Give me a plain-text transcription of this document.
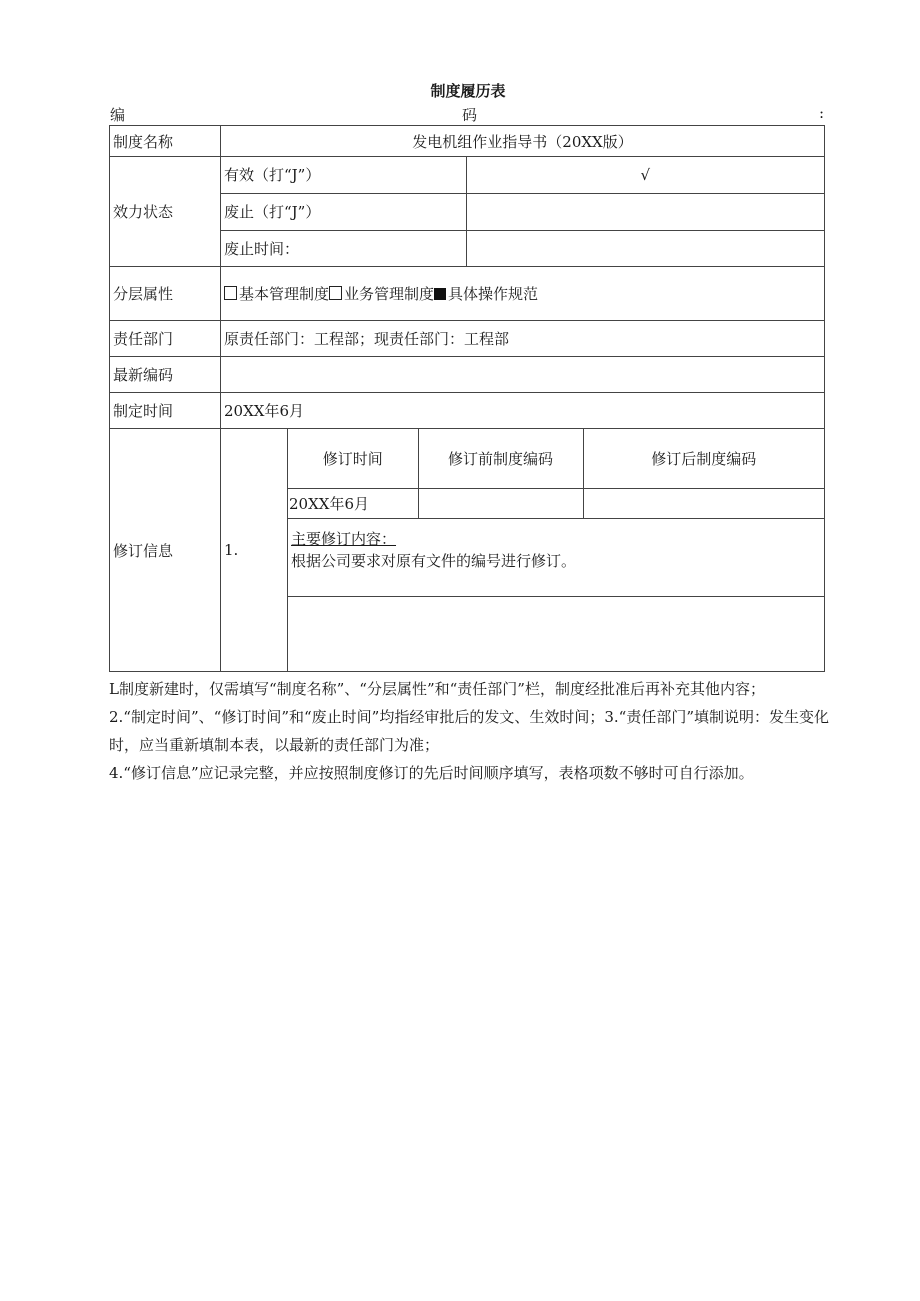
制度履历表
编	码	:
制度名称	发电机组作业指导书（20XX版）
效力状态	
有效（打“J”）	√
废止（打“J”）	
废止时间：	

分层属性	基本管理制度 业务管理制度 具体操作规范
责任部门	原责任部门：工程部；现责任部门：工程部
最新编码	
制定时间	20XX年6月
修订信息	1.	
修订时间	修订前制度编码	修订后制度编码
20XX年6月		

主要修订内容：
根据公司要求对原有文件的编号进行修订。

L制度新建时，仅需填写“制度名称”、“分层属性”和“责任部门”栏，制度经批准后再补充其他内容；

2.“制定时间”、“修订时间”和“废止时间”均指经审批后的发文、生效时间；3.“责任部门”填制说明：发生变化时，应当重新填制本表，以最新的责任部门为准；

4.“修订信息”应记录完整，并应按照制度修订的先后时间顺序填写，表格项数不够时可自行添加。
